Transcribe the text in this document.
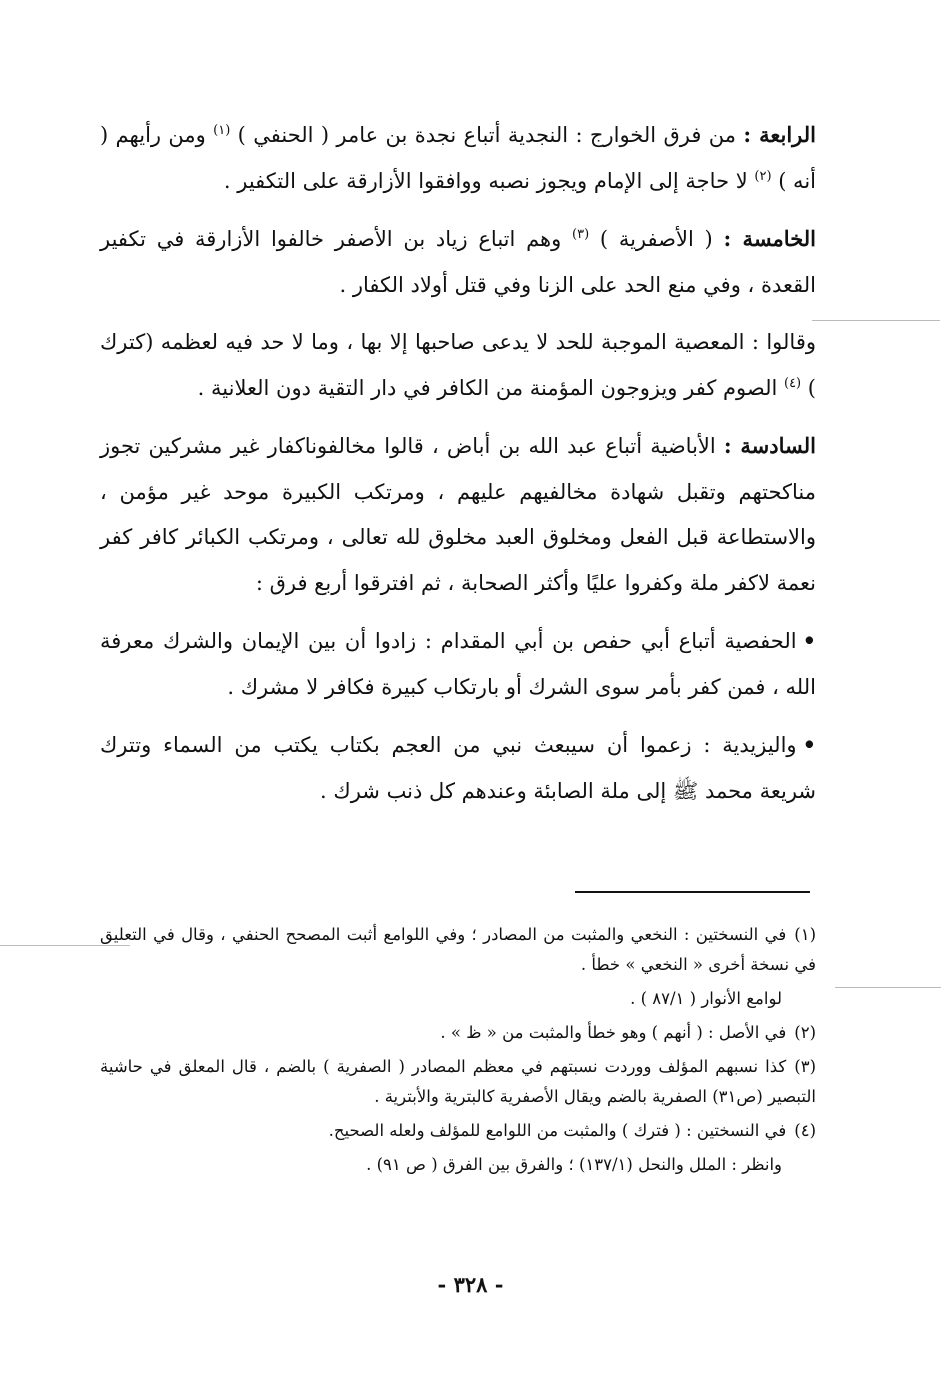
الرابعة : من فرق الخوارج : النجدية أتباع نجدة بن عامر ( الحنفي ) $^{(١)}$ ومن رأيهم ( أنه ) $^{(٢)}$ لا حاجة إلى الإمام ويجوز نصبه ووافقوا الأزارقة على التكفير .

الخامسة : ( الأصفرية ) $^{(٣)}$ وهم اتباع زياد بن الأصفر خالفوا الأزارقة في تكفير القعدة ، وفي منع الحد على الزنا وفي قتل أولاد الكفار .

وقالوا : المعصية الموجبة للحد لا يدعى صاحبها إلا بها ، وما لا حد فيه لعظمه (كترك ) $^{(٤)}$ الصوم كفر ويزوجون المؤمنة من الكافر في دار التقية دون العلانية .

السادسة : الأباضية أتباع عبد الله بن أباض ، قالوا مخالفوناكفار غير مشركين تجوز مناكحتهم وتقبل شهادة مخالفيهم عليهم ، ومرتكب الكبيرة موحد غير مؤمن ، والاستطاعة قبل الفعل ومخلوق العبد مخلوق لله تعالى ، ومرتكب الكبائر كافر كفر نعمة لاكفر ملة وكفروا عليًا وأكثر الصحابة ، ثم افترقوا أربع فرق :

•الحفصية أتباع أبي حفص بن أبي المقدام : زادوا أن بين الإيمان والشرك معرفة الله ، فمن كفر بأمر سوى الشرك أو بارتكاب كبيرة فكافر لا مشرك .

•واليزيدية : زعموا أن سيبعث نبي من العجم بكتاب يكتب من السماء وتترك شريعة محمد ﷺ إلى ملة الصابئة وعندهم كل ذنب شرك .

(١)في النسختين : النخعي والمثبت من المصادر ؛ وفي اللوامع أثبت المصحح الحنفي ، وقال في التعليق في نسخة أخرى « النخعي » خطأ .

لوامع الأنوار ( ٨٧/١ ) .

(٢)في الأصل : ( أنهم ) وهو خطأ والمثبت من « ظ » .

(٣)كذا نسبهم المؤلف ووردت نسبتهم في معظم المصادر ( الصفرية ) بالضم ، قال المعلق في حاشية التبصير (ص٣١) الصفرية بالضم ويقال الأصفرية كالبترية والأبترية .

(٤)في النسختين : ( فترك ) والمثبت من اللوامع للمؤلف ولعله الصحيح.

وانظر : الملل والنحل (١٣٧/١) ؛ والفرق بين الفرق ( ص ٩١) .

- ٣٢٨ -
